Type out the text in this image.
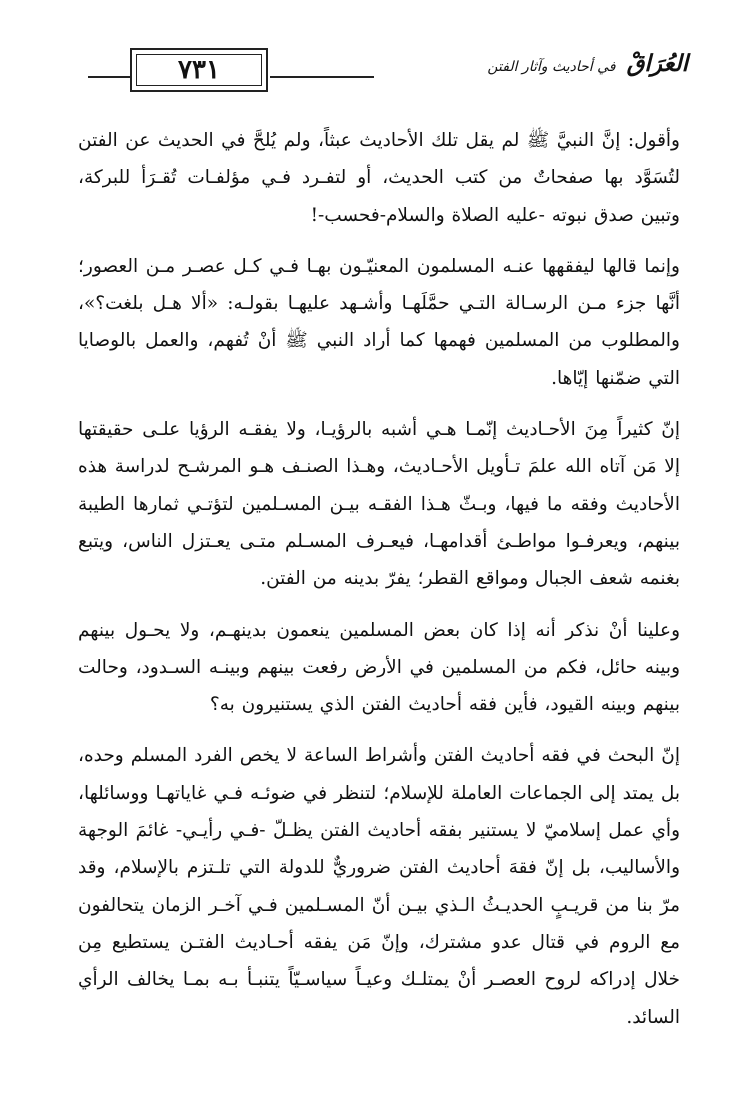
٧٣١	العُرَاقْ في أحاديث وآثار الفتن

وأقول: إنَّ النبيَّ ﷺ لم يقل تلك الأحاديث عبثاً، ولم يُلحَّ في الحديث عن الفتن لتُسَوَّد بها صفحاتٌ من كتب الحديث، أو لتفـرد فـي مؤلفـات تُقـرَأ للبركة، وتبين صدق نبوته -عليه الصلاة والسلام-فحسب-!

وإنما قالها ليفقهها عنـه المسلمون المعنيّـون بهـا فـي كـل عصـر مـن العصور؛ أنَّها جزء مـن الرسـالة التـي حمَّلَهـا وأشـهد عليهـا بقولـه: «ألا هـل بلغت؟»، والمطلوب من المسلمين فهمها كما أراد النبي ﷺ أنْ تُفهم، والعمل بالوصايا التي ضمّنها إيّاها.

إنّ كثيراً مِنَ الأحـاديث إنّمـا هـي أشبه بالرؤيـا، ولا يفقـه الرؤيا علـى حقيقتها إلا مَن آتاه الله علمَ تـأويل الأحـاديث، وهـذا الصنـف هـو المرشـح لدراسة هذه الأحاديث وفقه ما فيها، وبـثّ هـذا الفقـه بيـن المسـلمين لتؤتـي ثمارها الطيبة بينهم، ويعرفـوا مواطـئ أقدامهـا، فيعـرف المسـلم متـى يعـتزل الناس، ويتبع بغنمه شعف الجبال ومواقع القطر؛ يفرّ بدينه من الفتن.

وعلينا أنْ نذكر أنه إذا كان بعض المسلمين ينعمون بدينهـم، ولا يحـول بينهم وبينه حائل، فكم من المسلمين في الأرض رفعت بينهم وبينـه السـدود، وحالت بينهم وبينه القيود، فأين فقه أحاديث الفتن الذي يستنيرون به؟

إنّ البحث في فقه أحاديث الفتن وأشراط الساعة لا يخص الفرد المسلم وحده، بل يمتد إلى الجماعات العاملة للإسلام؛ لتنظر في ضوئـه فـي غاياتهـا ووسائلها، وأي عمل إسلاميّ لا يستنير بفقه أحاديث الفتن يظـلّ -فـي رأيـي- غائمَ الوجهة والأساليب، بل إنّ فقهَ أحاديث الفتن ضروريٌّ للدولة التي تلـتزم بالإسلام، وقد مرّ بنا من قريـبٍ الحديـثُ الـذي بيـن أنّ المسـلمين فـي آخـر الزمان يتحالفون مع الروم في قتال عدو مشترك، وإنّ مَن يفقه أحـاديث الفتـن يستطيع مِن خلال إدراكه لروح العصـر أنْ يمتلـك وعيـاً سياسـيّاً يتنبـأ بـه بمـا يخالف الرأي السائد.
